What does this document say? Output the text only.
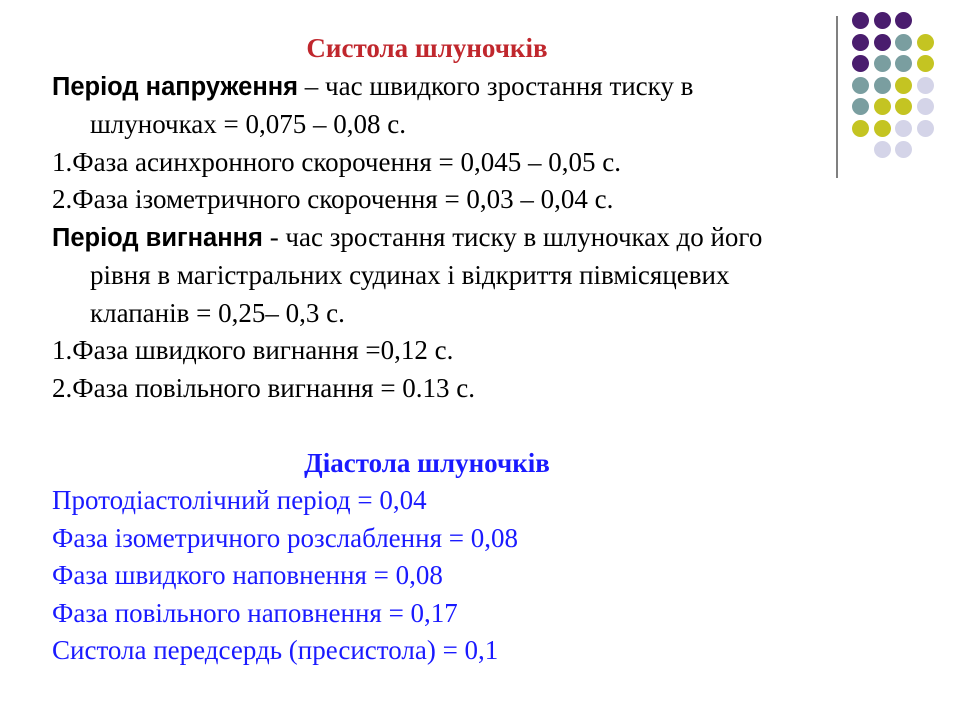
Систола шлуночків

Період напруження – час швидкого зростання тиску в

шлуночках = 0,075 – 0,08 с.

1.Фаза асинхронного скорочення = 0,045 – 0,05 с.

2.Фаза ізометричного скорочення = 0,03 – 0,04 с.

Період вигнання - час зростання тиску в шлуночках до його

рівня в магістральних судинах і відкриття півмісяцевих

клапанів = 0,25– 0,3 с.

1.Фаза швидкого вигнання =0,12 с.

2.Фаза повільного вигнання = 0.13 с.

Діастола шлуночків

Протодіастолічний період = 0,04

Фаза ізометричного розслаблення = 0,08

Фаза швидкого наповнення = 0,08

Фаза повільного наповнення = 0,17

Систола передсердь (пресистола) = 0,1
